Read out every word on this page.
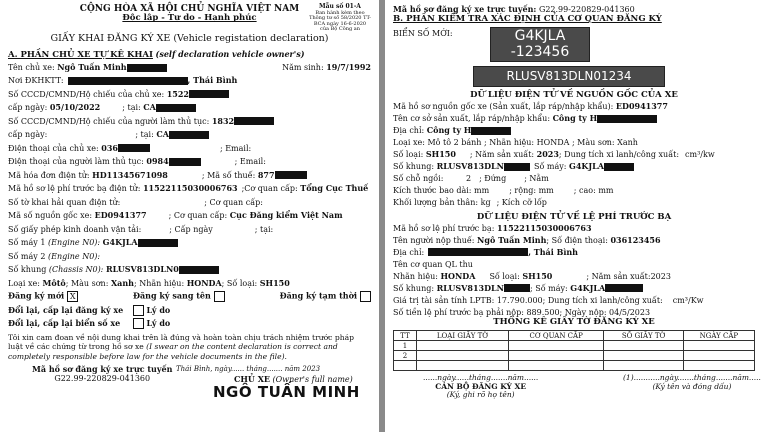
CỘNG HÒA XÃ HỘI CHỦ NGHĨA VIỆT NAM
Độc lập - Tự do - Hạnh phúc
Mẫu số 01-A
Ban hành kèm theo Thông tư số 58/2020 TT-BCA ngày 16-6-2020 của Bộ Công an
GIẤY KHAI ĐĂNG KÝ XE (Vehicle registation declaration)
A. PHẦN CHỦ XE TỰ KÊ KHAI (self declaration vehicle owner's)
Tên chủ xe: Ngô Tuấn Minh	Năm sinh: 19/7/1992
Nơi ĐKHKTT:	, Thái Bình
Số CCCD/CMND/Hộ chiếu của chủ xe:
1522
cấp ngày:
05/10/2022	; tại:
CA
Số CCCD/CMND/Hộ chiếu của người làm thủ tục:
1832
cấp ngày:	; tại:
CA
Điện thoại của chủ xe:
036	; Email:
Điện thoại của người làm thủ tục:
0984	; Email:
Mã hóa đơn điện tử:
HD11345671098	; Mã số thuế:
877
Mã hồ sơ lệ phí trước bạ điện tử:
11522115030006763 ;Cơ quan cấp:
Tổng Cục Thuế
Số tờ khai hải quan điện tử:	; Cơ quan cấp:
Mã số nguồn gốc xe:
ED0941377	; Cơ quan cấp:
Cục Đăng kiểm Việt Nam
Số giấy phép kinh doanh vận tải:	; Cấp ngày	; tại:
Số máy 1
(Engine N0):
G4KJLA
Số máy 2
(Engine N0):
Số khung
(Chassis N0):
RLUSV813DLN0
Loại xe:
Môtô ; Màu sơn:
Xanh ; Nhãn hiệu:
HONDA ; Số loại:
SH150
Đăng ký mới X	Đăng ký sang tên	Đăng ký tạm thời
Đổi lại, cấp lại đăng ký xe
	Lý do
Đổi lại, cấp lại biển số xe
	Lý do
Tôi xin cam đoan về nội dung khai trên là đúng và hoàn toàn chịu trách nhiệm trước pháp luật về các chứng từ trong hồ sơ xe (I swear on the content declaration is correct and completely responsible before law for the vehicle documents in the file).
Mã hồ sơ đăng ký xe trực tuyến
G22.99-220829-041360
Thái Bình, ngày...... tháng....... năm 2023
CHỦ XE (Owner's full name)
NGÔ TUẤN MINH
Mã hồ sơ đăng ký xe trực tuyến:
G22.99-220829-041360
B. PHẦN KIỂM TRA XÁC ĐỊNH CỦA CƠ QUAN ĐĂNG KÝ
BIỂN SỐ MỚI:	G4KJLA
-123456
RLUSV813DLN01234
DỮ LIỆU ĐIỆN TỬ VỀ NGUỒN GỐC CỦA XE
Mã hồ sơ nguồn gốc xe
(Sản xuất, lắp ráp/nhập khẩu):
ED0941377
Tên cơ sở sản xuất, lắp ráp/nhập khẩu:
Công ty H
Địa chỉ:
Công ty H
Loại xe: Mô tô 2 bánh ; Nhãn hiệu: HONDA ; Màu sơn: Xanh
Số loại:
SH150 ; Năm sản xuất:
2023 ; Dung tích xi lanh/công xuất: cm³/kw
Số khung:
RLUSV813DLN	Số máy:
G4KJLA
Số chỗ ngồi:
	2 ; Đứng ; Nằm
Kích thước bao dài:
mm	; rộng:
mm	; cao:
mm
Khối lượng bản thân:
kg ; Kích cỡ lốp
DỮ LIỆU ĐIỆN TỬ VỀ LỆ PHÍ TRƯỚC BẠ
Mã hồ sơ lệ phí trước bạ:
11522115030006763
Tên người nộp thuế:
Ngô Tuấn Minh ; Số điện thoại:
036123456
Địa chỉ:	, Thái Bình
Tên cơ quan QL thu
Nhãn hiệu:
HONDA Số loại:
SH150	; Năm sản xuất: 2023
Số khung:
RLUSV813DLN	; Số máy:
G4KJLA
Giá trị tài sản tính LPTB: 17.790.000; Dung tích xi lanh/công xuất: cm³/Kw
Số tiền lệ phí trước bạ phải nộp: 889.500; Ngày nộp: 04/5/2023
THỐNG KÊ GIẤY TỜ ĐĂNG KÝ XE
TT	LOẠI GIẤY TỜ	CƠ QUAN CẤP	SỐ GIẤY TỜ	NGÀY CẤP
1				
2				

......ngày......tháng.......năm......
CÁN BỘ ĐĂNG KÝ XE
(Ký, ghi rõ họ tên)
(1)...........ngày.......tháng.......năm.....
(Ký tên và đóng dấu)
